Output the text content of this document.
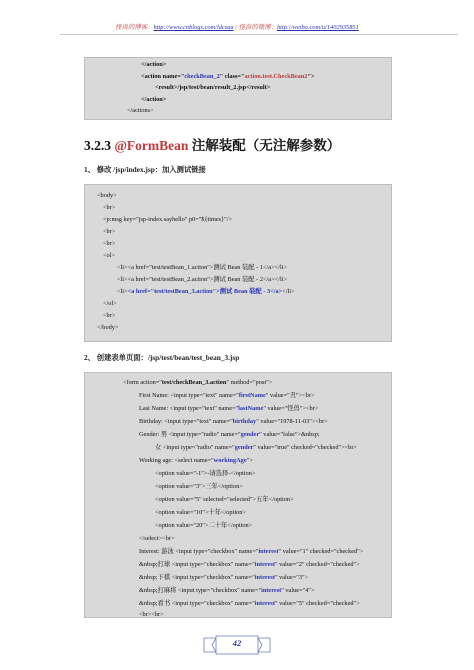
怪兽的博客：http://www.cnblogs.com/ldcsaa / 怪兽的微博：http://weibo.com/u/1402935851
</action>
<action name="checkBean_2" class="action.test.CheckBean2">
<result>/jsp/test/bean/result_2.jsp</result>
</action>
</actions>
3.2.3 @FormBean 注解装配（无注解参数）
1、 修改 /jsp/index.jsp：加入测试链接
<body>
<br>
<p:msg key="jsp-index.sayhello" p0="${times}"/>
<br>
<br>
<ol>
<li><a href="test/testBean_1.action">测试 Bean 装配 - 1</a></li>
<li><a href="test/testBean_2.action">测试 Bean 装配 - 2</a></li>
<li><a href="test/testBean_3.action">测试 Bean 装配 - 3</a></li>
</ol>
<br>
</body>
2、 创建表单页面：/jsp/test/bean/test_bean_3.jsp
<form action="test/checkBean_3.action" method="post">
First Name: <input type="text" name="firstName" value="丑"><br>
Last Name: <input type="text" name="lastName" value="怪兽"><br>
Birthday: <input type="text" name="birthday" value="1978-11-03"><br>
Gender: 男 <input type="radio" name="gender" value="false">&nbsp;
女 <input type="radio" name="gender" value="true" checked="checked"><br>
Working age: <select name="workingAge">
<option value="-1">-请选择-</option>
<option value="3">三年</option>
<option value="5" selected="selected">五年</option>
<option value="10">十年</option>
<option value="20">二十年</option>
</select><br>
Interest: 游泳 <input type="checkbox" name="interest" value="1" checked="checked">
&nbsp;打球 <input type="checkbox" name="interest" value="2" checked="checked">
&nbsp;下棋 <input type="checkbox" name="interest" value="3">
&nbsp;打麻将 <input type="checkbox" name="interest" value="4">
&nbsp;看书 <input type="checkbox" name="interest" value="5" checked="checked">
<br><br>
42
